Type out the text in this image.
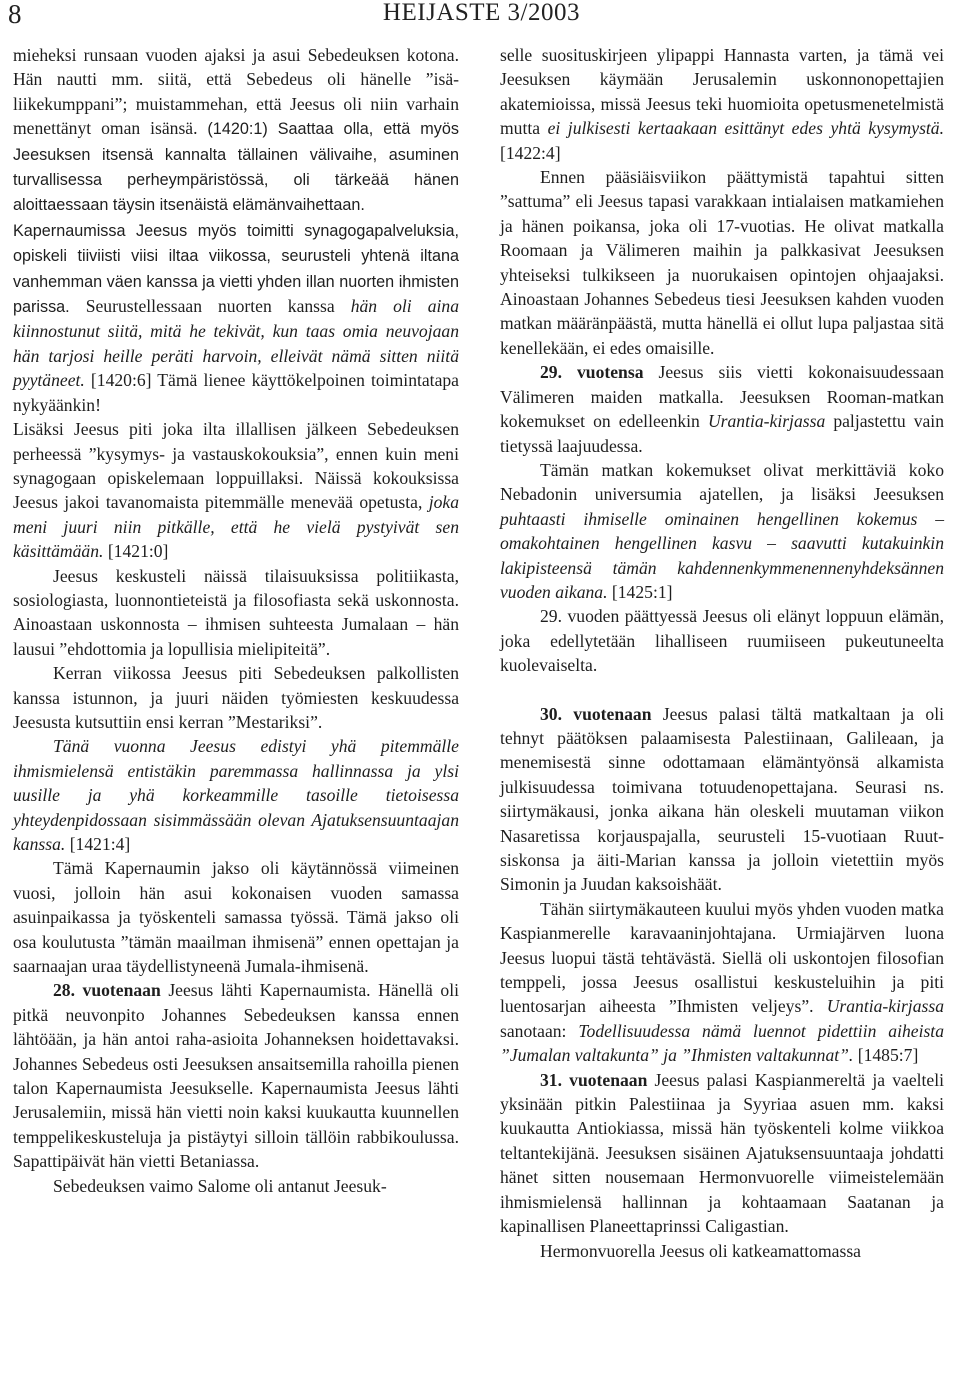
8	HEIJASTE 3/2003

mieheksi runsaan vuoden ajaksi ja asui Sebedeuksen kotona. Hän nautti mm. siitä, että Sebedeus oli hänelle ”isä-liikekumppani”; muistammehan, että Jeesus oli niin varhain menettänyt oman isänsä. (1420:1) Saattaa olla, että myös Jeesuksen itsensä kannalta tällainen välivaihe, asuminen turvallisessa perheympäristössä, oli tärkeää hänen aloittaessaan täysin itsenäistä elämänvaihettaan.

Kapernaumissa Jeesus myös toimitti synagogapalveluksia, opiskeli tiiviisti viisi iltaa viikossa, seurusteli yhtenä iltana vanhemman väen kanssa ja vietti yhden illan nuorten ihmisten parissa. Seurustellessaan nuorten kanssa hän oli aina kiinnostunut siitä, mitä he tekivät, kun taas omia neuvojaan hän tarjosi heille peräti harvoin, elleivät nämä sitten niitä pyytäneet. [1420:6] Tämä lienee käyttökelpoinen toimintatapa nykyäänkin!

Lisäksi Jeesus piti joka ilta illallisen jälkeen Sebedeuksen perheessä ”kysymys- ja vastauskokouksia”, ennen kuin meni synagogaan opiskelemaan loppuillaksi. Näissä kokouksissa Jeesus jakoi tavanomaista pitemmälle menevää opetusta, joka meni juuri niin pitkälle, että he vielä pystyivät sen käsittämään. [1421:0]

Jeesus keskusteli näissä tilaisuuksissa politiikasta, sosiologiasta, luonnontieteistä ja filosofiasta sekä uskonnosta. Ainoastaan uskonnosta – ihmisen suhteesta Jumalaan – hän lausui ”ehdottomia ja lopullisia mielipiteitä”.

Kerran viikossa Jeesus piti Sebedeuksen palkollisten kanssa istunnon, ja juuri näiden työmiesten keskuudessa Jeesusta kutsuttiin ensi kerran ”Mestariksi”.

Tänä vuonna Jeesus edistyi yhä pitemmälle ihmismielensä entistäkin paremmassa hallinnassa ja ylsi uusille ja yhä korkeammille tasoille tietoisessa yhteydenpidossaan sisimmässään olevan Ajatuksensuuntaajan kanssa. [1421:4]

Tämä Kapernaumin jakso oli käytännössä viimeinen vuosi, jolloin hän asui kokonaisen vuoden samassa asuinpaikassa ja työskenteli samassa työssä. Tämä jakso oli osa koulutusta ”tämän maailman ihmisenä” ennen opettajan ja saarnaajan uraa täydellistyneenä Jumala-ihmisenä.

28. vuotenaan Jeesus lähti Kapernaumista. Hänellä oli pitkä neuvonpito Johannes Sebedeuksen kanssa ennen lähtöään, ja hän antoi raha-asioita Johanneksen hoidettavaksi. Johannes Sebedeus osti Jeesuksen ansaitsemilla rahoilla pienen talon Kapernaumista Jeesukselle. Kapernaumista Jeesus lähti Jerusalemiin, missä hän vietti noin kaksi kuukautta kuunnellen temppelikeskusteluja ja pistäytyi silloin tällöin rabbikoulussa. Sapattipäivät hän vietti Betaniassa.

Sebedeuksen vaimo Salome oli antanut Jeesuk-

selle suosituskirjeen ylipappi Hannasta varten, ja tämä vei Jeesuksen käymään Jerusalemin uskonnonopettajien akatemioissa, missä Jeesus teki huomioita opetusmenetelmistä mutta ei julkisesti kertaakaan esittänyt edes yhtä kysymystä. [1422:4]

Ennen pääsiäisviikon päättymistä tapahtui sitten ”sattuma” eli Jeesus tapasi varakkaan intialaisen matkamiehen ja hänen poikansa, joka oli 17-vuotias. He olivat matkalla Roomaan ja Välimeren maihin ja palkkasivat Jeesuksen yhteiseksi tulkikseen ja nuorukaisen opintojen ohjaajaksi. Ainoastaan Johannes Sebedeus tiesi Jeesuksen kahden vuoden matkan määränpäästä, mutta hänellä ei ollut lupa paljastaa sitä kenellekään, ei edes omaisille.

29. vuotensa Jeesus siis vietti kokonaisuudessaan Välimeren maiden matkalla. Jeesuksen Rooman-matkan kokemukset on edelleenkin Urantia-kirjassa paljastettu vain tietyssä laajuudessa.

Tämän matkan kokemukset olivat merkittäviä koko Nebadonin universumia ajatellen, ja lisäksi Jeesuksen puhtaasti ihmiselle ominainen hengellinen kokemus – omakohtainen hengellinen kasvu – saavutti kutakuinkin lakipisteensä tämän kahdennenkymmenennenyhdeksännen vuoden aikana. [1425:1]

29. vuoden päättyessä Jeesus oli elänyt loppuun elämän, joka edellytetään lihalliseen ruumiiseen pukeutuneelta kuolevaiselta.

30. vuotenaan Jeesus palasi tältä matkaltaan ja oli tehnyt päätöksen palaamisesta Palestiinaan, Galileaan, ja menemisestä sinne odottamaan elämäntyönsä alkamista julkisuudessa toimivana totuudenopettajana. Seurasi ns. siirtymäkausi, jonka aikana hän oleskeli muutaman viikon Nasaretissa korjauspajalla, seurusteli 15-vuotiaan Ruut-siskonsa ja äiti-Marian kanssa ja jolloin vietettiin myös Simonin ja Juudan kaksoishäät.

Tähän siirtymäkauteen kuului myös yhden vuoden matka Kaspianmerelle karavaaninjohtajana. Urmiajärven luona Jeesus luopui tästä tehtävästä. Siellä oli uskontojen filosofian temppeli, jossa Jeesus osallistui keskusteluihin ja piti luentosarjan aiheesta ”Ihmisten veljeys”. Urantia-kirjassa sanotaan: Todellisuudessa nämä luennot pidettiin aiheista ”Jumalan valtakunta” ja ”Ihmisten valtakunnat”. [1485:7]

31. vuotenaan Jeesus palasi Kaspianmereltä ja vaelteli yksinään pitkin Palestiinaa ja Syyriaa asuen mm. kaksi kuukautta Antiokiassa, missä hän työskenteli kolme viikkoa teltantekijänä. Jeesuksen sisäinen Ajatuksensuuntaaja johdatti hänet sitten nousemaan Hermonvuorelle viimeistelemään ihmismielensä hallinnan ja kohtaamaan Saatanan ja kapinallisen Planeettaprinssi Caligastian.

Hermonvuorella Jeesus oli katkeamattomassa
